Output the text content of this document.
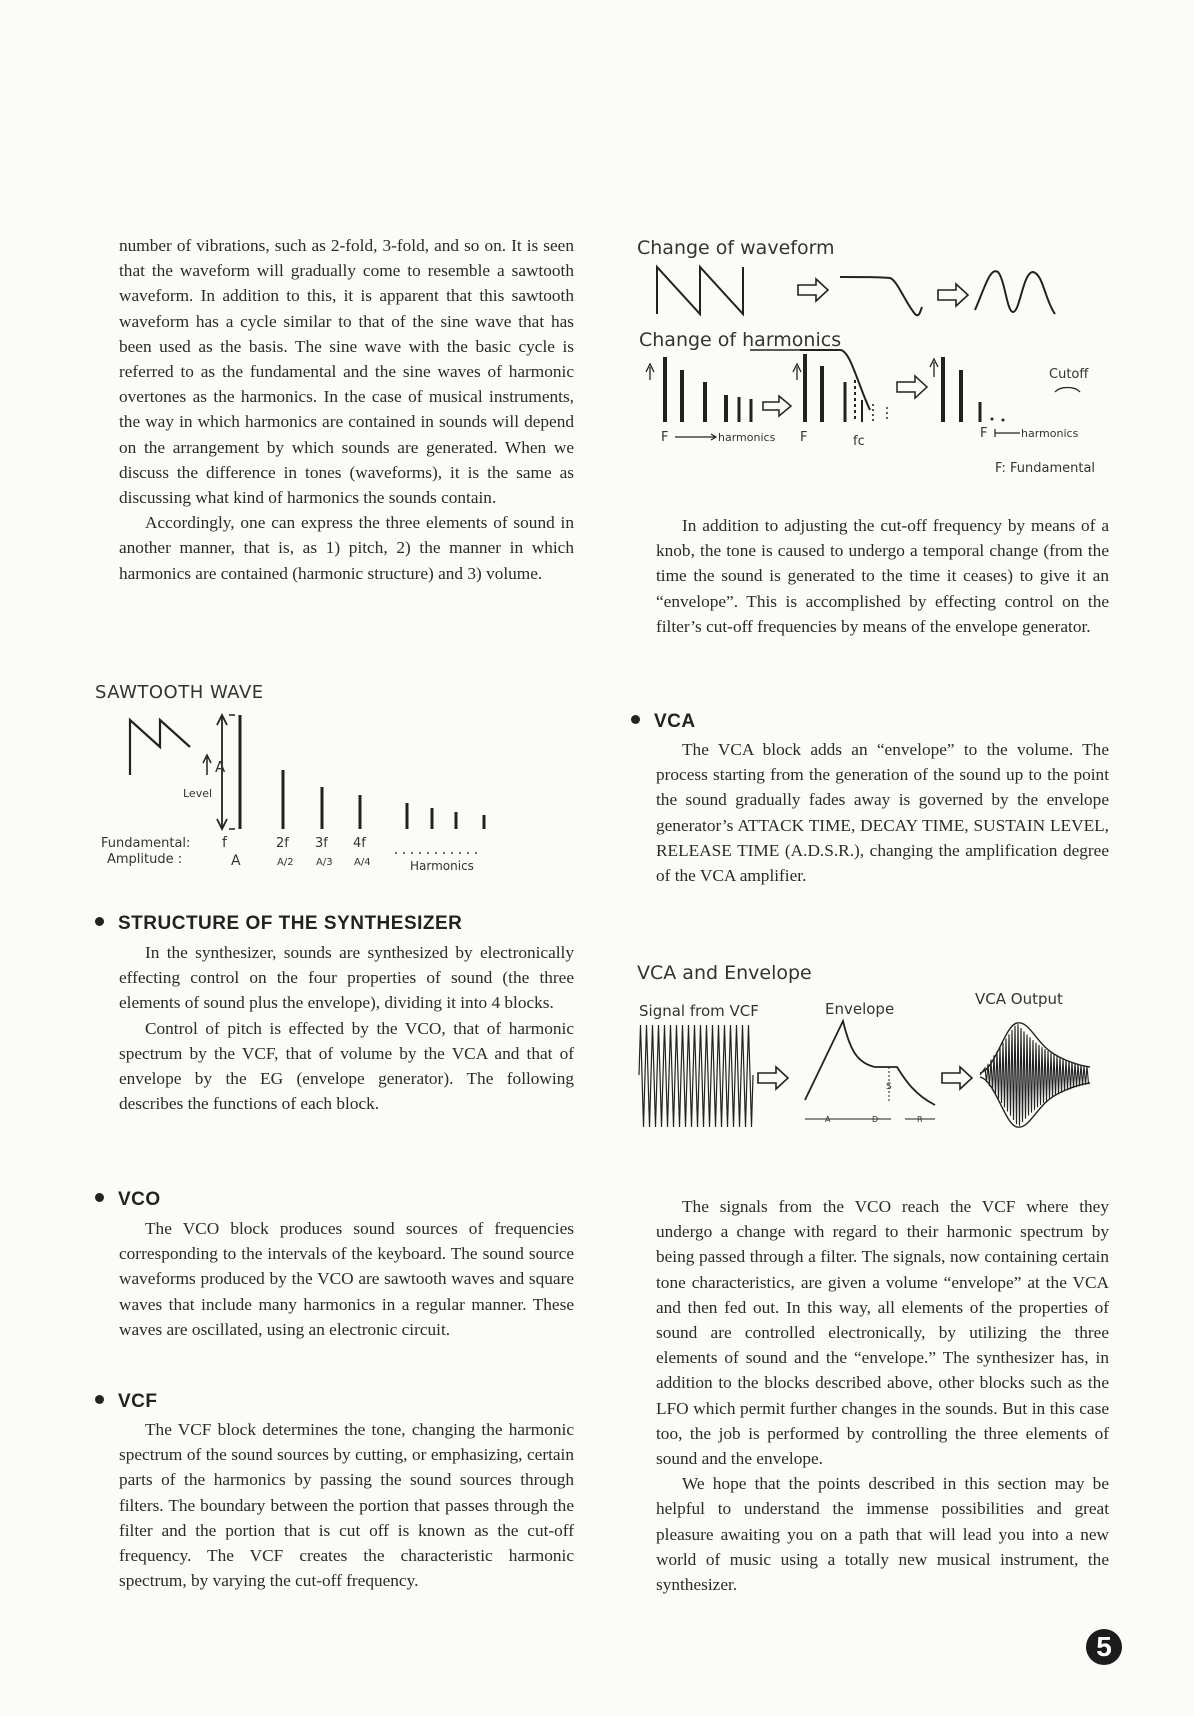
number of vibrations, such as 2-fold, 3-fold, and so on. It is seen that the waveform will gradually come to resemble a sawtooth waveform. In addition to this, it is apparent that this sawtooth waveform has a cycle similar to that of the sine wave that has been used as the basis. The sine wave with the basic cycle is referred to as the fundamental and the sine waves of harmonic overtones as the harmonics. In the case of musical instruments, the way in which harmonics are contained in sounds will depend on the arrangement by which sounds are generated. When we discuss the difference in tones (waveforms), it is the same as discussing what kind of harmonics the sounds contain.

Accordingly, one can express the three elements of sound in another manner, that is, as 1) pitch, 2) the manner in which harmonics are contained (harmonic structure) and 3) volume.

SAWTOOTH WAVE
A
Level
Fundamental: f
Amplitude :	A
2f 3f 4f
A/2 A/3 A/4	Harmonics
STRUCTURE OF THE SYNTHESIZER

In the synthesizer, sounds are synthesized by electronically effecting control on the four properties of sound (the three elements of sound plus the envelope), dividing it into 4 blocks.

Control of pitch is effected by the VCO, that of harmonic spectrum by the VCF, that of volume by the VCA and that of envelope by the EG (envelope generator). The following describes the functions of each block.

VCO

The VCO block produces sound sources of frequencies corresponding to the intervals of the keyboard. The sound source waveforms produced by the VCO are sawtooth waves and square waves that include many harmonics in a regular manner. These waves are oscillated, using an electronic circuit.

VCF

The VCF block determines the tone, changing the harmonic spectrum of the sound sources by cutting, or emphasizing, certain parts of the harmonics by passing the sound sources through filters. The boundary between the portion that passes through the filter and the portion that is cut off is known as the cut-off frequency. The VCF creates the characteristic harmonic spectrum, by varying the cut-off frequency.

Change of waveform
Change of harmonics
Cutoff
F	harmonics F	fc
F	harmonics
F: Fundamental

In addition to adjusting the cut-off frequency by means of a knob, the tone is caused to undergo a temporal change (from the time the sound is generated to the time it ceases) to give it an “envelope”. This is accomplished by effecting control on the filter’s cut-off frequencies by means of the envelope generator.

VCA

The VCA block adds an “envelope” to the volume. The process starting from the generation of the sound up to the point the sound gradually fades away is governed by the envelope generator’s ATTACK TIME, DECAY TIME, SUSTAIN LEVEL, RELEASE TIME (A.D.S.R.), changing the amplification degree of the VCA amplifier.

VCA and Envelope
Signal from VCF	Envelope
S
A	D	R
VCA Output

The signals from the VCO reach the VCF where they undergo a change with regard to their harmonic spectrum by being passed through a filter. The signals, now containing certain tone characteristics, are given a volume “envelope” at the VCA and then fed out. In this way, all elements of the properties of sound are controlled electronically, by utilizing the three elements of sound and the “envelope.” The synthesizer has, in addition to the blocks described above, other blocks such as the LFO which permit further changes in the sounds. But in this case too, the job is performed by controlling the three elements of sound and the envelope.

We hope that the points described in this section may be helpful to understand the immense possibilities and great pleasure awaiting you on a path that will lead you into a new world of music using a totally new musical instrument, the synthesizer.

5
